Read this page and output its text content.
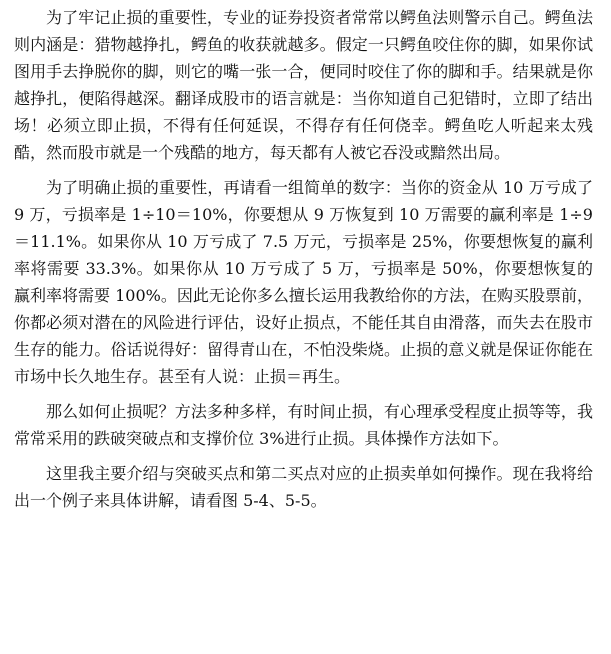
为了牢记止损的重要性，专业的证券投资者常常以鳄鱼法则警示自己。鳄鱼法则内涵是：猎物越挣扎，鳄鱼的收获就越多。假定一只鳄鱼咬住你的脚，如果你试图用手去挣脱你的脚，则它的嘴一张一合，便同时咬住了你的脚和手。结果就是你越挣扎，便陷得越深。翻译成股市的语言就是：当你知道自己犯错时，立即了结出场！必须立即止损，不得有任何延误，不得存有任何侥幸。鳄鱼吃人听起来太残酷，然而股市就是一个残酷的地方，每天都有人被它吞没或黯然出局。

为了明确止损的重要性，再请看一组简单的数字：当你的资金从 10 万亏成了 9 万，亏损率是 1÷10＝10%，你要想从 9 万恢复到 10 万需要的赢利率是 1÷9＝11.1%。如果你从 10 万亏成了 7.5 万元，亏损率是 25%，你要想恢复的赢利率将需要 33.3%。如果你从 10 万亏成了 5 万，亏损率是 50%，你要想恢复的赢利率将需要 100%。因此无论你多么擅长运用我教给你的方法，在购买股票前，你都必须对潜在的风险进行评估，设好止损点，不能任其自由滑落，而失去在股市生存的能力。俗话说得好：留得青山在，不怕没柴烧。止损的意义就是保证你能在市场中长久地生存。甚至有人说：止损＝再生。

那么如何止损呢？方法多种多样，有时间止损，有心理承受程度止损等等，我常常采用的跌破突破点和支撑价位 3%进行止损。具体操作方法如下。

这里我主要介绍与突破买点和第二买点对应的止损卖单如何操作。现在我将给出一个例子来具体讲解，请看图 5-4、5-5。
